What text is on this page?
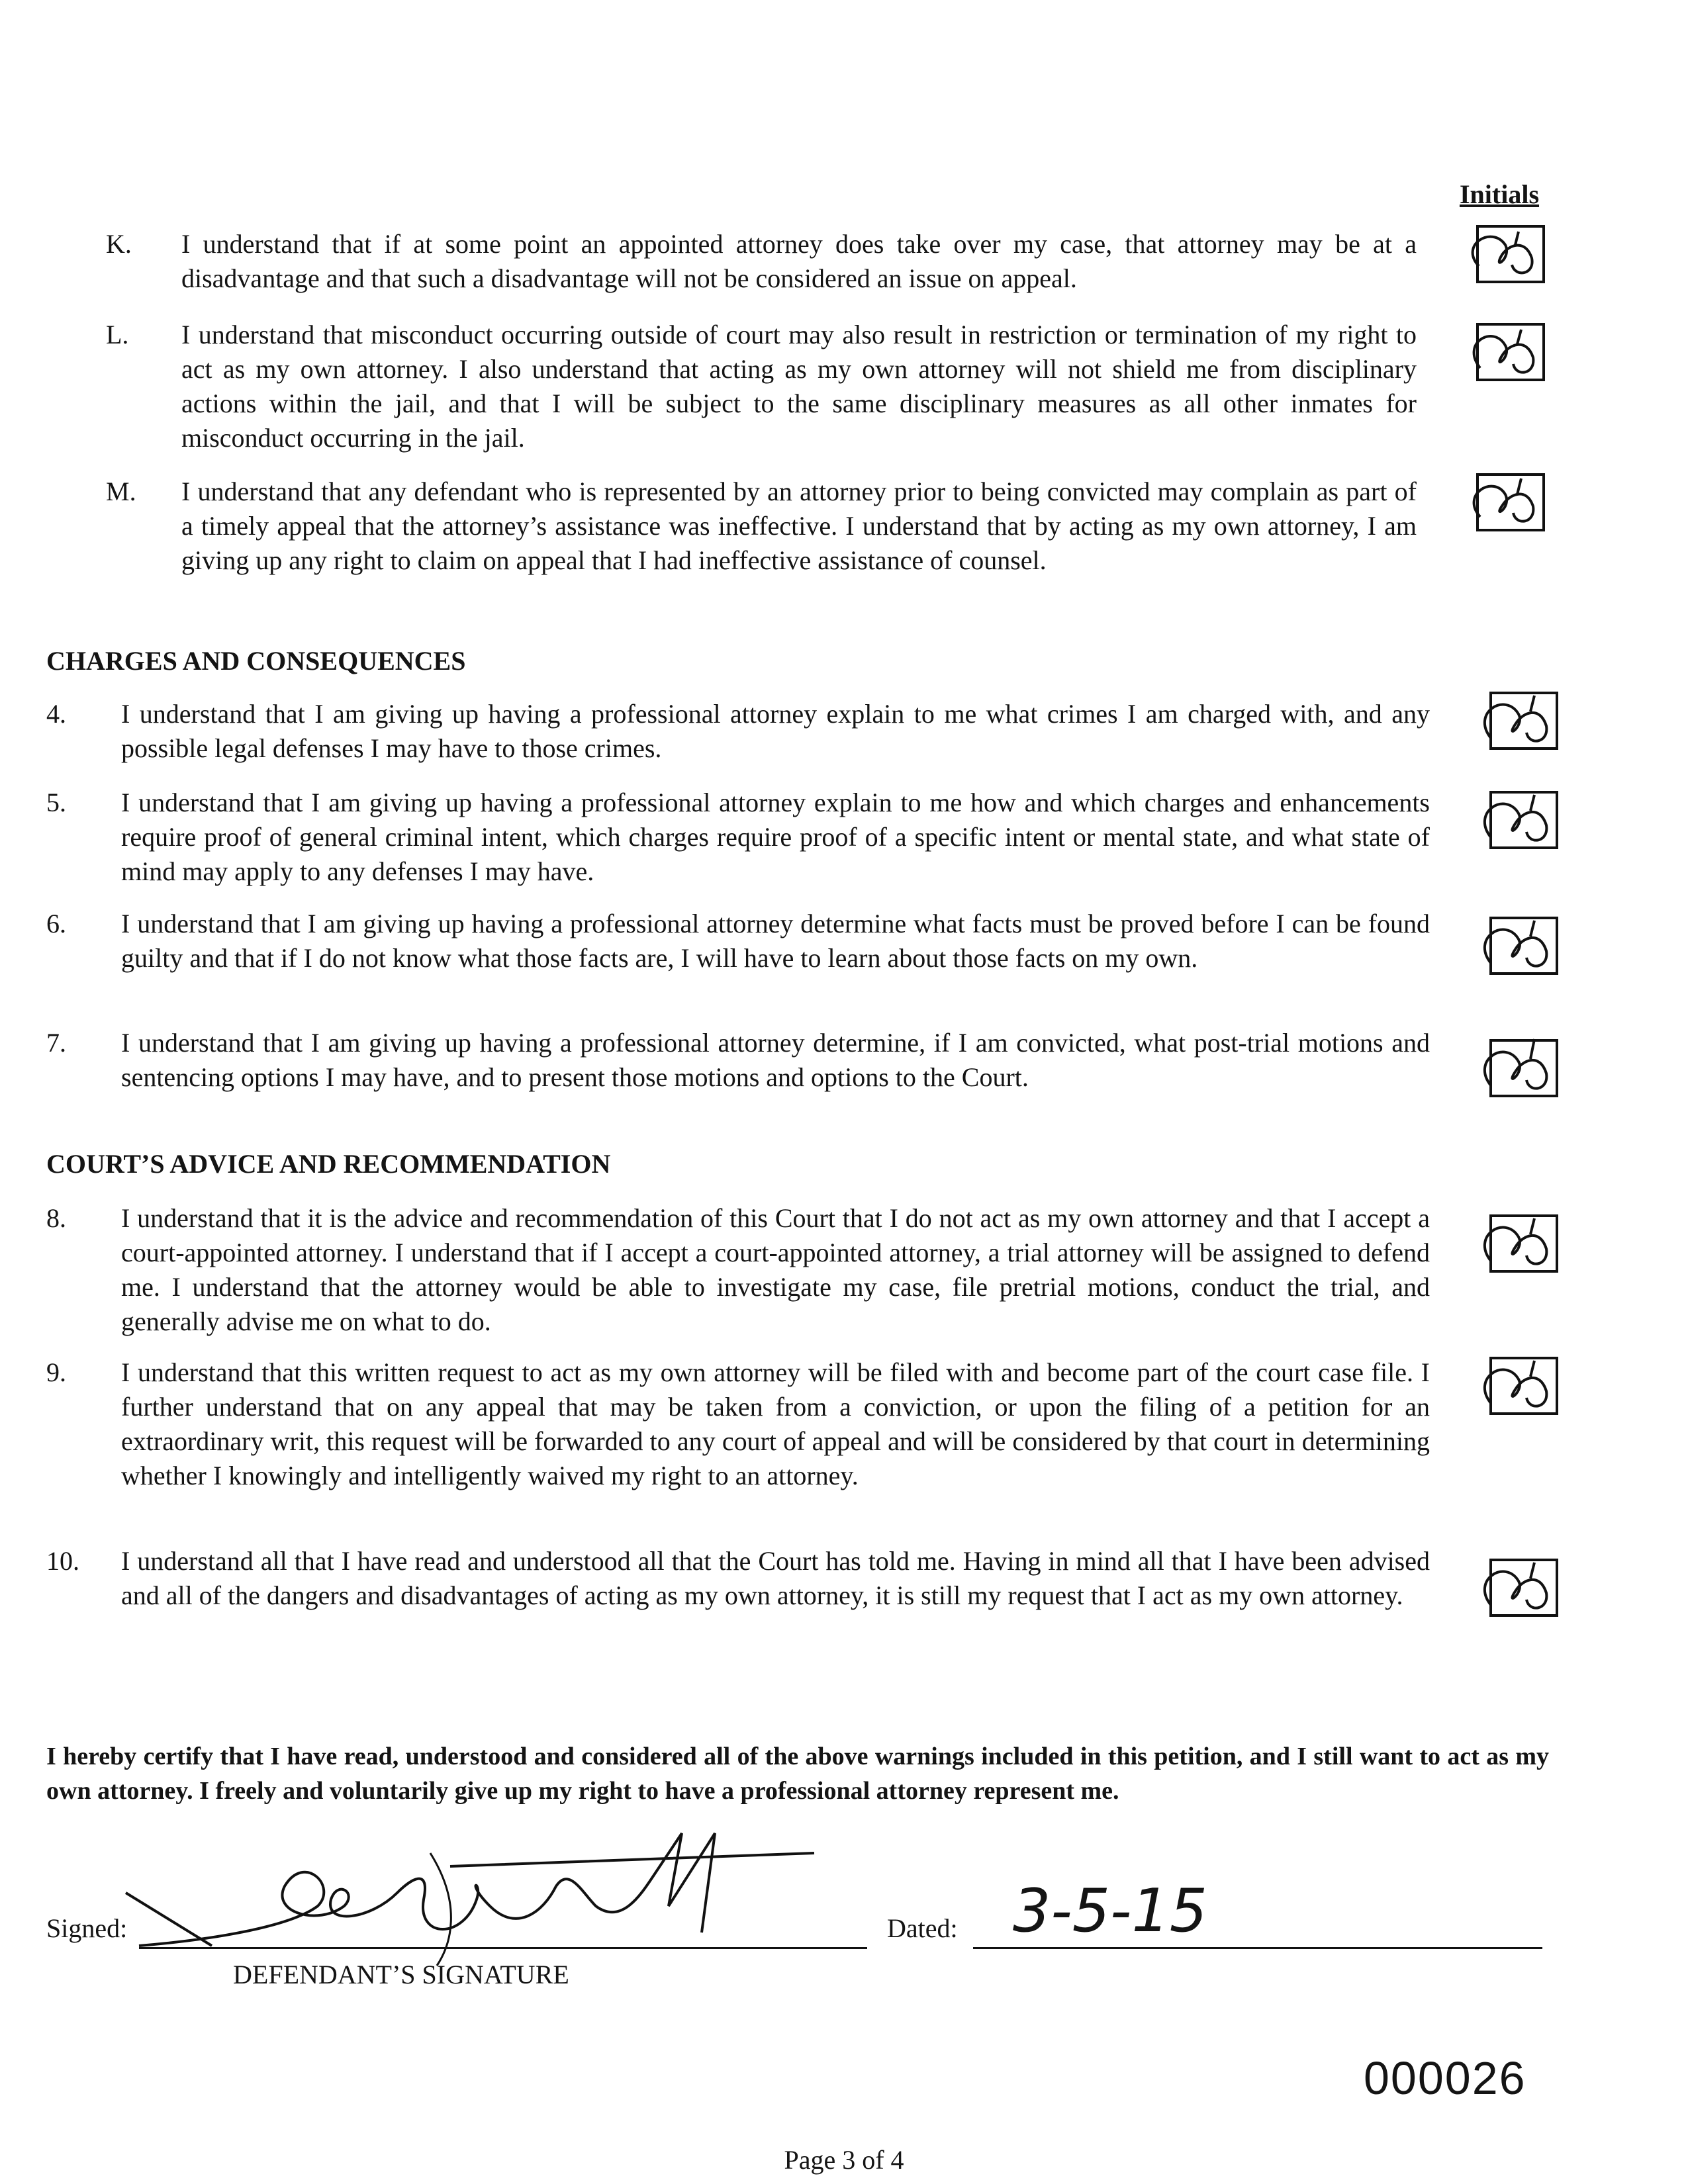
Initials
K. I understand that if at some point an appointed attorney does take over my case, that attorney may be at a disadvantage and that such a disadvantage will not be considered an issue on appeal.
L. I understand that misconduct occurring outside of court may also result in restriction or termination of my right to act as my own attorney. I also understand that acting as my own attorney will not shield me from disciplinary actions within the jail, and that I will be subject to the same disciplinary measures as all other inmates for misconduct occurring in the jail.
M. I understand that any defendant who is represented by an attorney prior to being convicted may complain as part of a timely appeal that the attorney’s assistance was ineffective. I understand that by acting as my own attorney, I am giving up any right to claim on appeal that I had ineffective assistance of counsel.
CHARGES AND CONSEQUENCES
4. I understand that I am giving up having a professional attorney explain to me what crimes I am charged with, and any possible legal defenses I may have to those crimes.
5. I understand that I am giving up having a professional attorney explain to me how and which charges and enhancements require proof of general criminal intent, which charges require proof of a specific intent or mental state, and what state of mind may apply to any defenses I may have.
6. I understand that I am giving up having a professional attorney determine what facts must be proved before I can be found guilty and that if I do not know what those facts are, I will have to learn about those facts on my own.
7. I understand that I am giving up having a professional attorney determine, if I am convicted, what post-trial motions and sentencing options I may have, and to present those motions and options to the Court.
COURT’S ADVICE AND RECOMMENDATION
8. I understand that it is the advice and recommendation of this Court that I do not act as my own attorney and that I accept a court-appointed attorney. I understand that if I accept a court-appointed attorney, a trial attorney will be assigned to defend me. I understand that the attorney would be able to investigate my case, file pretrial motions, conduct the trial, and generally advise me on what to do.
9. I understand that this written request to act as my own attorney will be filed with and become part of the court case file. I further understand that on any appeal that may be taken from a conviction, or upon the filing of a petition for an extraordinary writ, this request will be forwarded to any court of appeal and will be considered by that court in determining whether I knowingly and intelligently waived my right to an attorney.
10. I understand all that I have read and understood all that the Court has told me. Having in mind all that I have been advised and all of the dangers and disadvantages of acting as my own attorney, it is still my request that I act as my own attorney.
I hereby certify that I have read, understood and considered all of the above warnings included in this petition, and I still want to act as my own attorney. I freely and voluntarily give up my right to have a professional attorney represent me.
Signed:
DEFENDANT’S SIGNATURE
Dated: 3-5-15
000026
Page 3 of 4
